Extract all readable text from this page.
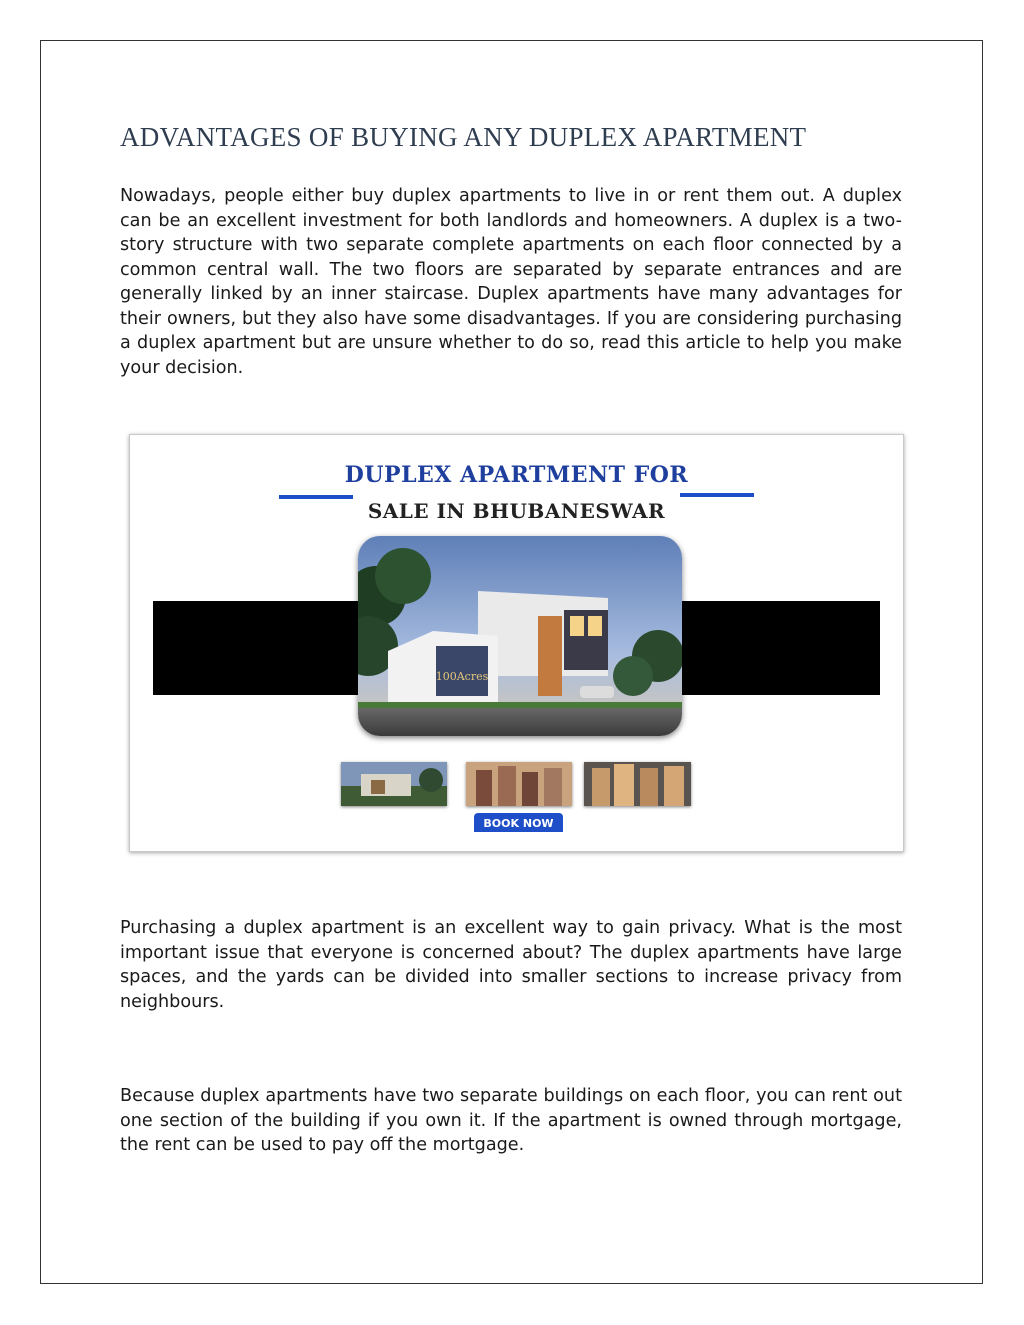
ADVANTAGES OF BUYING ANY DUPLEX APARTMENT

Nowadays, people either buy duplex apartments to live in or rent them out. A duplex can be an excellent investment for both landlords and homeowners. A duplex is a two-story structure with two separate complete apartments on each floor connected by a common central wall. The two floors are separated by separate entrances and are generally linked by an inner staircase. Duplex apartments have many advantages for their owners, but they also have some disadvantages. If you are considering purchasing a duplex apartment but are unsure whether to do so, read this article to help you make your decision.

DUPLEX APARTMENT FOR
SALE IN BHUBANESWAR
100Acres
BOOK NOW

Purchasing a duplex apartment is an excellent way to gain privacy. What is the most important issue that everyone is concerned about? The duplex apartments have large spaces, and the yards can be divided into smaller sections to increase privacy from neighbours.

Because duplex apartments have two separate buildings on each floor, you can rent out one section of the building if you own it. If the apartment is owned through mortgage, the rent can be used to pay off the mortgage.
